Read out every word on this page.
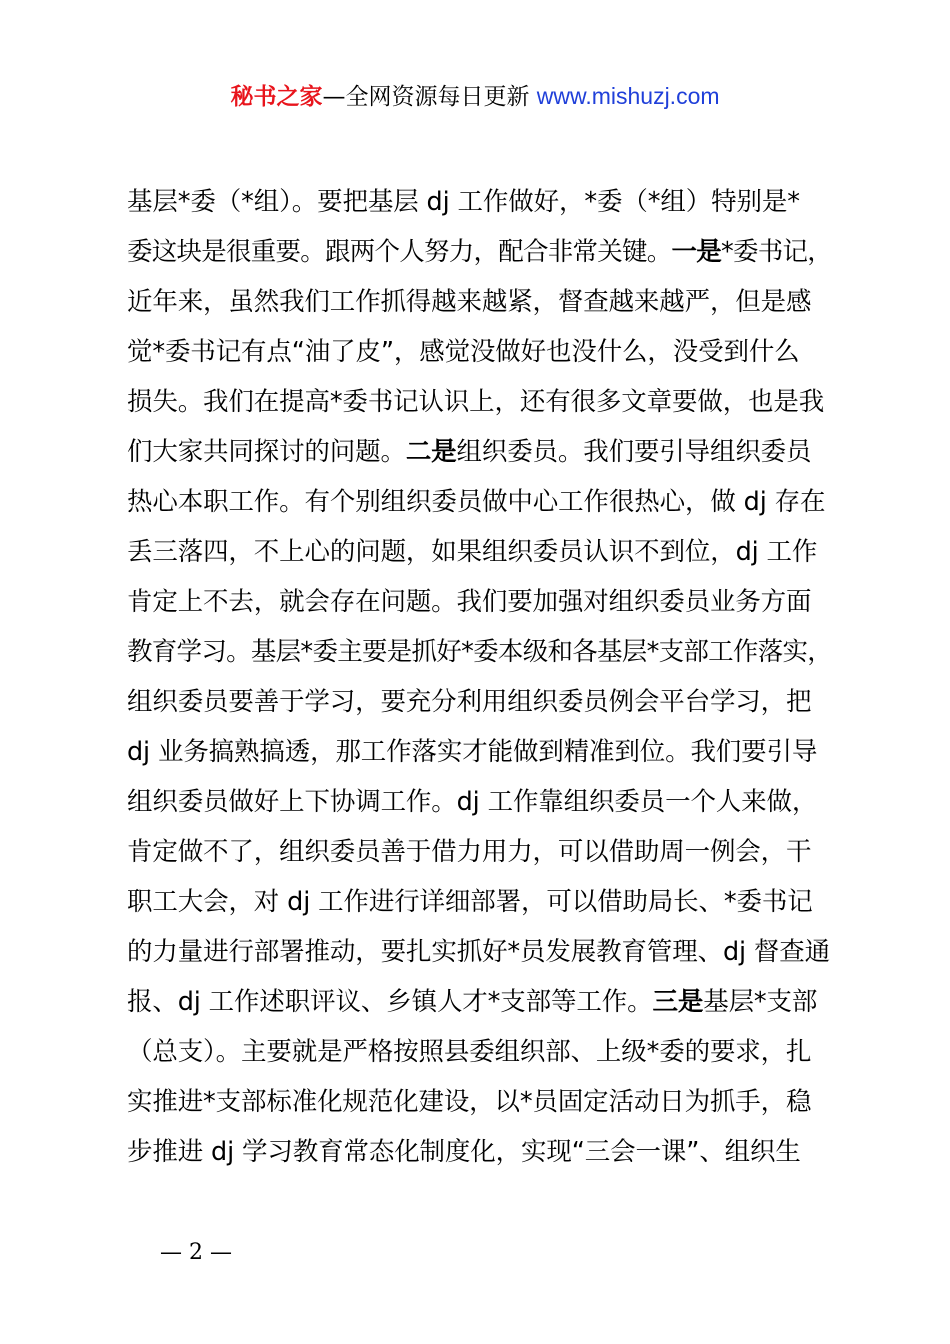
秘书之家—全网资源每日更新 www.mishuzj.com
基层*委（*组）。要把基层 dj 工作做好，*委（*组）特别是*
委这块是很重要。跟两个人努力，配合非常关键。一是*委书记，
近年来，虽然我们工作抓得越来越紧，督查越来越严，但是感
觉*委书记有点“油了皮”，感觉没做好也没什么，没受到什么
损失。我们在提高*委书记认识上，还有很多文章要做，也是我
们大家共同探讨的问题。二是组织委员。我们要引导组织委员
热心本职工作。有个别组织委员做中心工作很热心，做 dj 存在
丢三落四，不上心的问题，如果组织委员认识不到位，dj 工作
肯定上不去，就会存在问题。我们要加强对组织委员业务方面
教育学习。基层*委主要是抓好*委本级和各基层*支部工作落实，
组织委员要善于学习，要充分利用组织委员例会平台学习，把
dj 业务搞熟搞透，那工作落实才能做到精准到位。我们要引导
组织委员做好上下协调工作。dj 工作靠组织委员一个人来做，
肯定做不了，组织委员善于借力用力，可以借助周一例会，干
职工大会，对 dj 工作进行详细部署，可以借助局长、*委书记
的力量进行部署推动，要扎实抓好*员发展教育管理、dj 督查通
报、dj 工作述职评议、乡镇人才*支部等工作。三是基层*支部
（总支）。主要就是严格按照县委组织部、上级*委的要求，扎
实推进*支部标准化规范化建设，以*员固定活动日为抓手，稳
步推进 dj 学习教育常态化制度化，实现“三会一课”、组织生
— 2 —
